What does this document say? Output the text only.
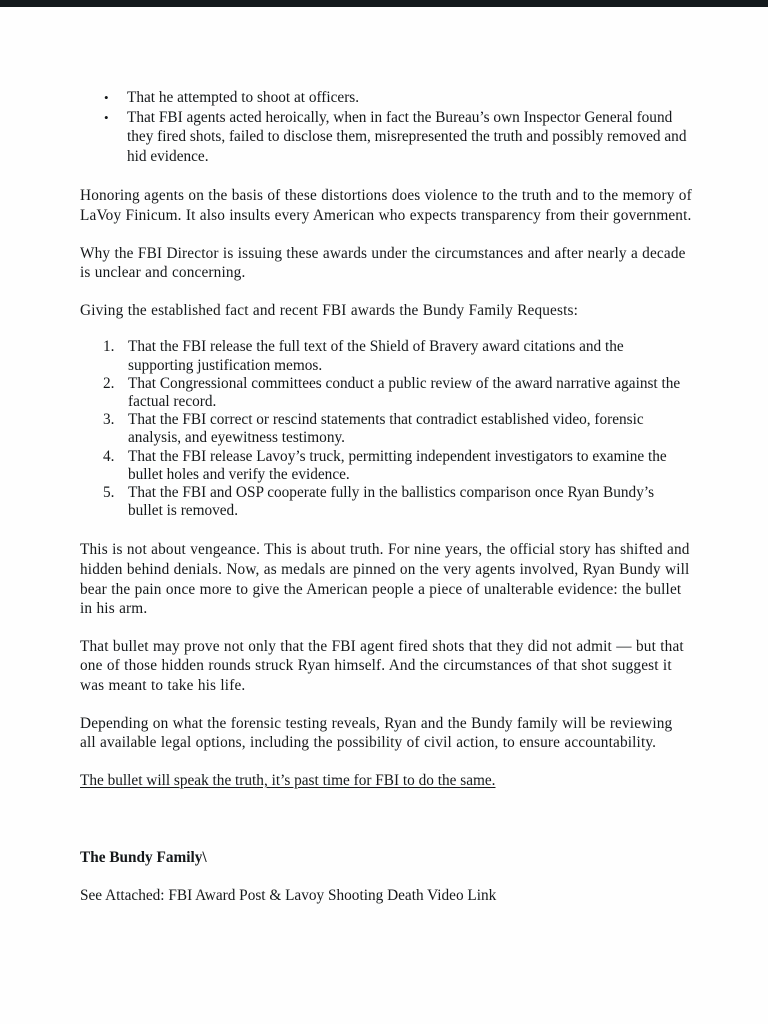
• That he attempted to shoot at officers.
• That FBI agents acted heroically, when in fact the Bureau’s own Inspector General found they fired shots, failed to disclose them, misrepresented the truth and possibly removed and hid evidence.

Honoring agents on the basis of these distortions does violence to the truth and to the memory of LaVoy Finicum. It also insults every American who expects transparency from their government.

Why the FBI Director is issuing these awards under the circumstances and after nearly a decade is unclear and concerning.

Giving the established fact and recent FBI awards the Bundy Family Requests:

1. That the FBI release the full text of the Shield of Bravery award citations and the supporting justification memos.
2. That Congressional committees conduct a public review of the award narrative against the factual record.
3. That the FBI correct or rescind statements that contradict established video, forensic analysis, and eyewitness testimony.
4. That the FBI release Lavoy’s truck, permitting independent investigators to examine the bullet holes and verify the evidence.
5. That the FBI and OSP cooperate fully in the ballistics comparison once Ryan Bundy’s bullet is removed.

This is not about vengeance. This is about truth. For nine years, the official story has shifted and hidden behind denials. Now, as medals are pinned on the very agents involved, Ryan Bundy will bear the pain once more to give the American people a piece of unalterable evidence: the bullet in his arm.

That bullet may prove not only that the FBI agent fired shots that they did not admit — but that one of those hidden rounds struck Ryan himself. And the circumstances of that shot suggest it was meant to take his life.

Depending on what the forensic testing reveals, Ryan and the Bundy family will be reviewing all available legal options, including the possibility of civil action, to ensure accountability.

The bullet will speak the truth, it’s past time for FBI to do the same.

The Bundy Family\

See Attached: FBI Award Post & Lavoy Shooting Death Video Link
